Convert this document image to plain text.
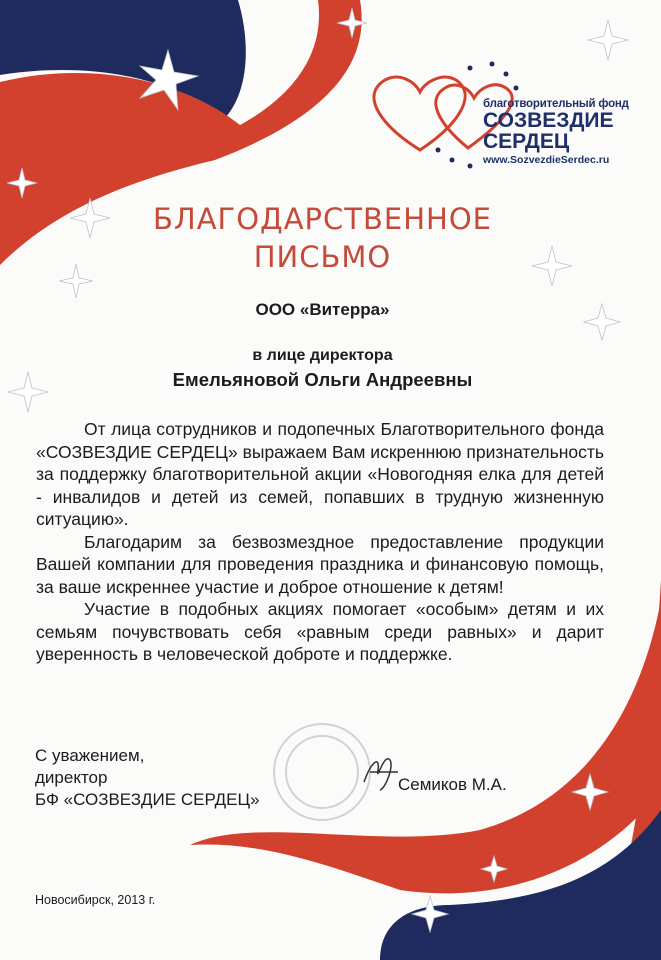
благотворительный фонд
СОЗВЕЗДИЕ
СЕРДЕЦ
www.SozvezdieSerdec.ru
БЛАГОДАРСТВЕННОЕ
ПИСЬМО
ООО «Витерра»
в лице директора
Емельяновой Ольги Андреевны

От лица сотрудников и подопечных Благотворительного фонда «СОЗВЕЗДИЕ СЕРДЕЦ» выражаем Вам искреннюю признательность за поддержку благотворительной акции «Новогодняя елка для детей - инвалидов и детей из семей, попавших в трудную жизненную ситуацию».

Благодарим за безвозмездное предоставление продукции Вашей компании для проведения праздника и финансовую помощь, за ваше искреннее участие и доброе отношение к детям!

Участие в подобных акциях помогает «особым» детям и их семьям почувствовать себя «равным среди равных» и дарит уверенность в человеческой доброте и поддержке.

С уважением,
директор
БФ «СОЗВЕЗДИЕ СЕРДЕЦ»
Семиков М.А.
Новосибирск, 2013 г.
